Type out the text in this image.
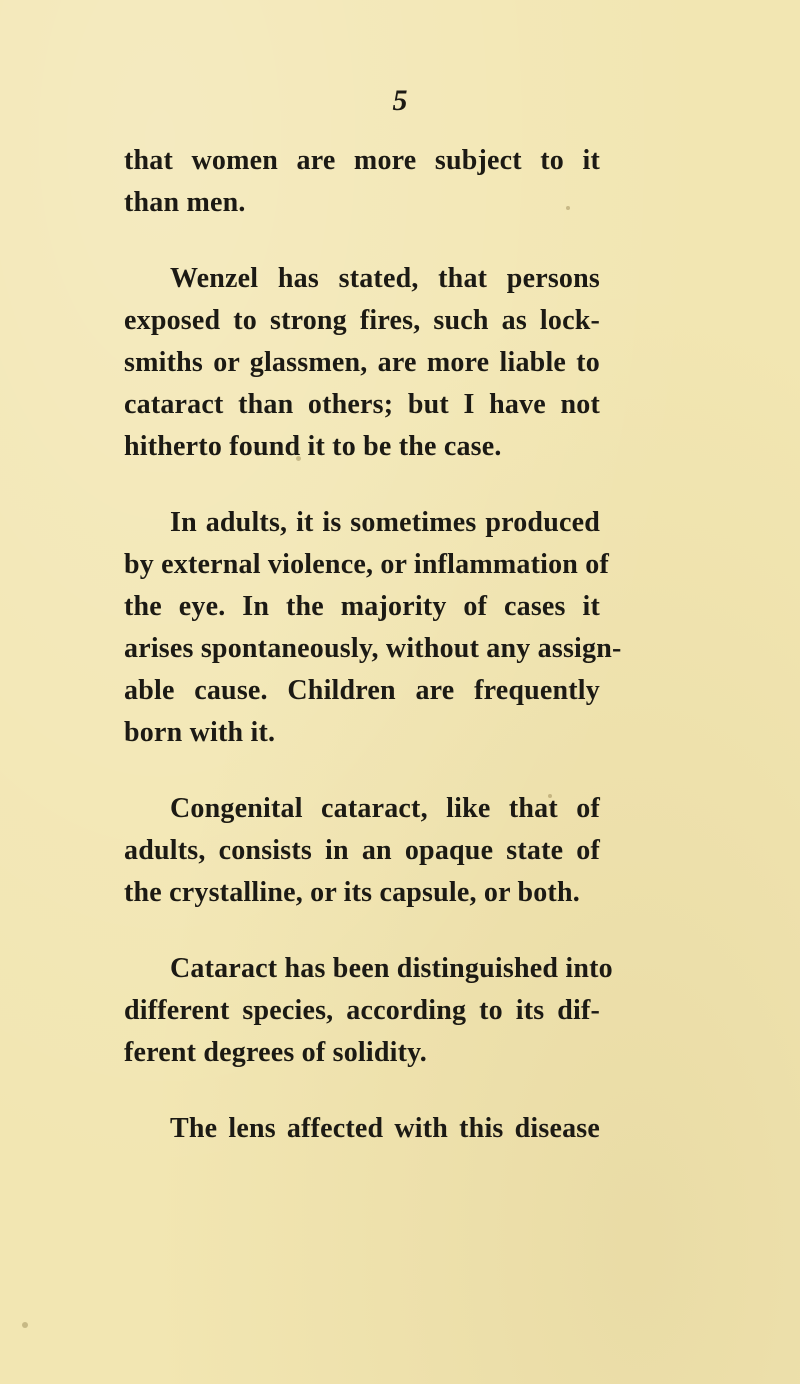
5

that women are more subject to it
than men.

Wenzel has stated, that persons
exposed to strong fires, such as lock-
smiths or glassmen, are more liable to
cataract than others; but I have not
hitherto found it to be the case.

In adults, it is sometimes produced
by external violence, or inflammation of
the eye. In the majority of cases it
arises spontaneously, without any assign-
able cause. Children are frequently
born with it.

Congenital cataract, like that of
adults, consists in an opaque state of
the crystalline, or its capsule, or both.

Cataract has been distinguished into
different species, according to its dif-
ferent degrees of solidity.

The lens affected with this disease
